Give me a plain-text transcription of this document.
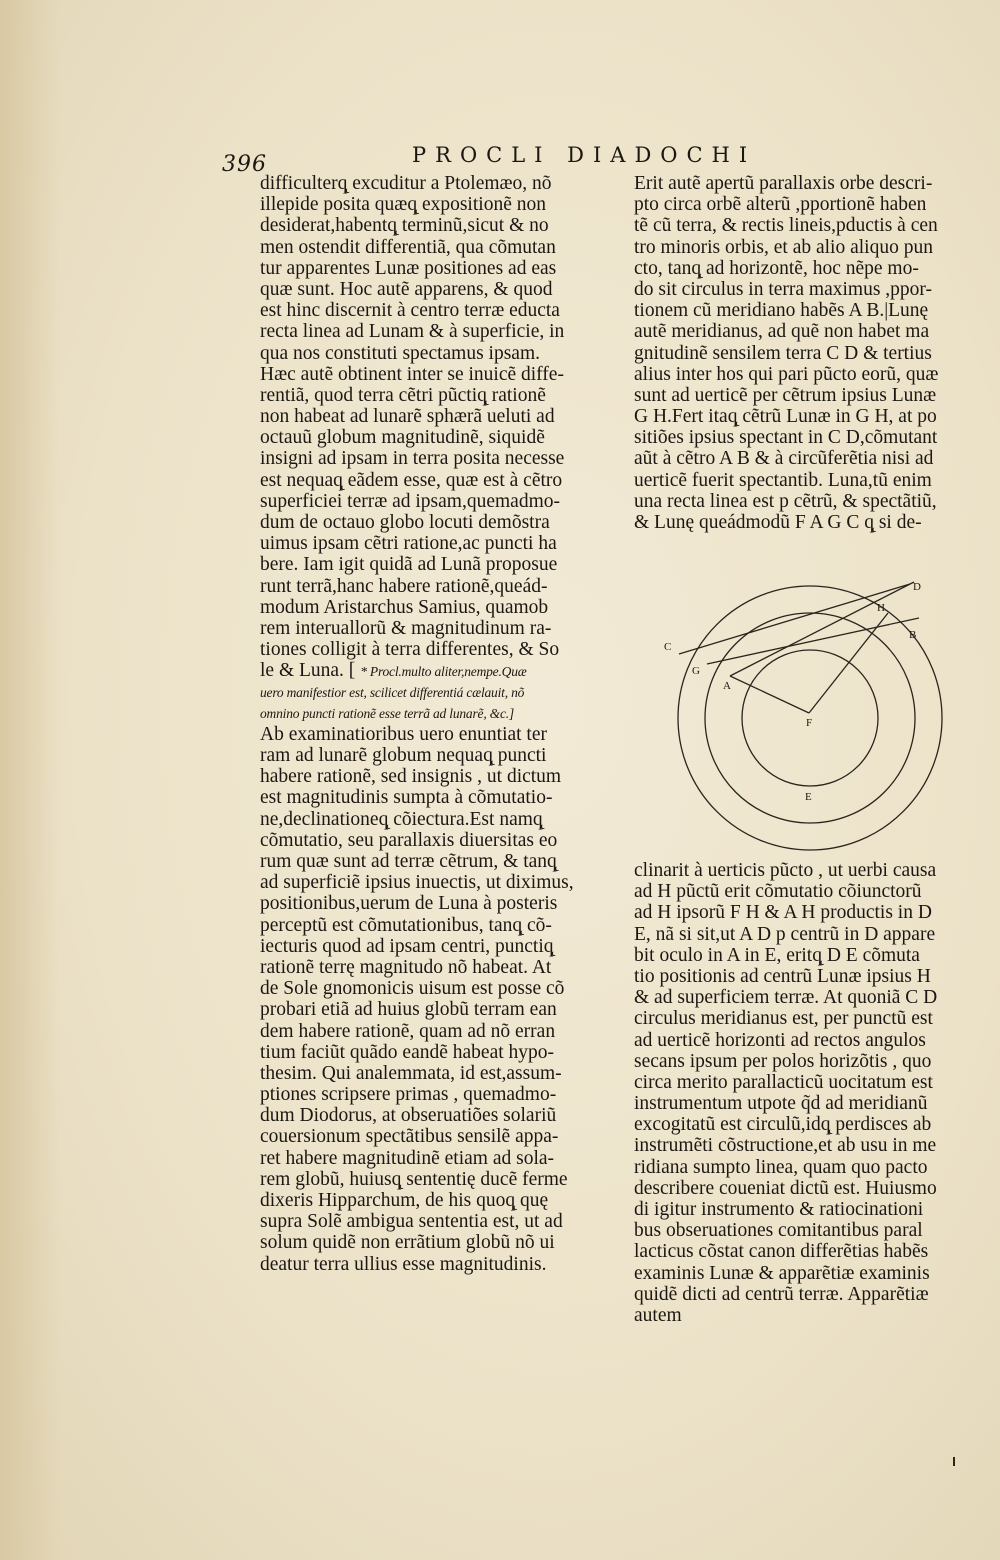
396	PROCLI DIADOCHI
difficulterq̨ excuditur a Ptolemæo, nõ
illepide posita quæq̨ expositionẽ non
desiderat,habentq̨ terminũ,sicut & no
men ostendit differentiã, qua cõmutan
tur apparentes Lunæ positiones ad eas
quæ sunt. Hoc autẽ apparens, & quod
est hinc discernit à centro terræ educta
recta linea ad Lunam & à superficie, in
qua nos constituti spectamus ipsam.
Hæc autẽ obtinent inter se inuicẽ diffe-
rentiã, quod terra cẽtri pũctiq̨ rationẽ
non habeat ad lunarẽ sphærã ueluti ad
octauũ globum magnitudinẽ, siquidẽ
insigni ad ipsam in terra posita necesse
est nequaq̨ eãdem esse, quæ est à cẽtro
superficiei terræ ad ipsam,quemadmo-
dum de octauo globo locuti demõstra
uimus ipsam cẽtri ratione,ac puncti ha
bere. Iam igit quidã ad Lunã proposue
runt terrã,hanc habere rationẽ,queád-
modum Aristarchus Samius, quamob
rem interuallorũ & magnitudinum ra-
tiones colligit à terra differentes, & So
le & Luna. [ * Procl.multo aliter,nempe.Quæ
uero manifestior est, scilicet differentiá cælauit, nõ
omnino puncti rationẽ esse terrã ad lunarẽ, &c.]
Ab examinatioribus uero enuntiat ter
ram ad lunarẽ globum nequaq̨ puncti
habere rationẽ, sed insignis , ut dictum
est magnitudinis sumpta à cõmutatio-
ne,declinationeq̨ cõiectura.Est namq̨
cõmutatio, seu parallaxis diuersitas eo
rum quæ sunt ad terræ cẽtrum, & tanq̨
ad superficiẽ ipsius inuectis, ut diximus,
positionibus,uerum de Luna à posteris
perceptũ est cõmutationibus, tanq̨ cõ-
iecturis quod ad ipsam centri, punctiq̨
rationẽ terrę magnitudo nõ habeat. At
de Sole gnomonicis uisum est posse cõ
probari etiã ad huius globũ terram ean
dem habere rationẽ, quam ad nõ erran
tium faciũt quãdo eandẽ habeat hypo-
thesim. Qui analemmata, id est,assum-
ptiones scripsere primas , quemadmo-
dum Diodorus, at obseruatiões solariũ
couersionum spectãtibus sensilẽ appa-
ret habere magnitudinẽ etiam ad sola-
rem globũ, huiusq̨ sententię ducẽ ferme
dixeris Hipparchum, de his quoq̨ quę
supra Solẽ ambigua sententia est, ut ad
solum quidẽ non errãtium globũ nõ ui
deatur terra ullius esse magnitudinis.
Erit autẽ apertũ parallaxis orbe descri-
pto circa orbẽ alterũ ,pportionẽ haben
tẽ cũ terra, & rectis lineis,pductis à cen
tro minoris orbis, et ab alio aliquo pun
cto, tanq̨ ad horizontẽ, hoc nẽpe mo-
do sit circulus in terra maximus ,ppor-
tionem cũ meridiano habẽs A B.|Lunę
autẽ meridianus, ad quẽ non habet ma
gnitudinẽ sensilem terra C D & tertius
alius inter hos qui pari pũcto eorũ, quæ
sunt ad uerticẽ per cẽtrum ipsius Lunæ
G H.Fert itaq̨ cẽtrũ Lunæ in G H, at po
sitiões ipsius spectant in C D,cõmutant
aũt à cẽtro A B & à circũferẽtia nisi ad
uerticẽ fuerit spectantib. Luna,tũ enim
una recta linea est p cẽtrũ, & spectãtiũ,
& Lunę queádmodũ F A G C q̨ si de-
D
H
B
C
G
A
F
E
clinarit à uerticis pũcto , ut uerbi causa
ad H pũctũ erit cõmutatio cõiunctorũ
ad H ipsorũ F H & A H productis in D
E, nã si sit,ut A D p centrũ in D appare
bit oculo in A in E, eritq̨ D E cõmuta
tio positionis ad centrũ Lunæ ipsius H
& ad superficiem terræ. At quoniã C D
circulus meridianus est, per punctũ est
ad uerticẽ horizonti ad rectos angulos
secans ipsum per polos horizõtis , quo
circa merito parallacticũ uocitatum est
instrumentum utpote q̃d ad meridianũ
excogitatũ est circulũ,idq̨ perdisces ab
instrumẽti cõstructione,et ab usu in me
ridiana sumpto linea, quam quo pacto
describere coueniat dictũ est. Huiusmo
di igitur instrumento & ratiocinationi
bus obseruationes comitantibus paral
lacticus cõstat canon differẽtias habẽs
examinis Lunæ & apparẽtiæ examinis
quidẽ dicti ad centrũ terræ. Apparẽtiæ
autem
